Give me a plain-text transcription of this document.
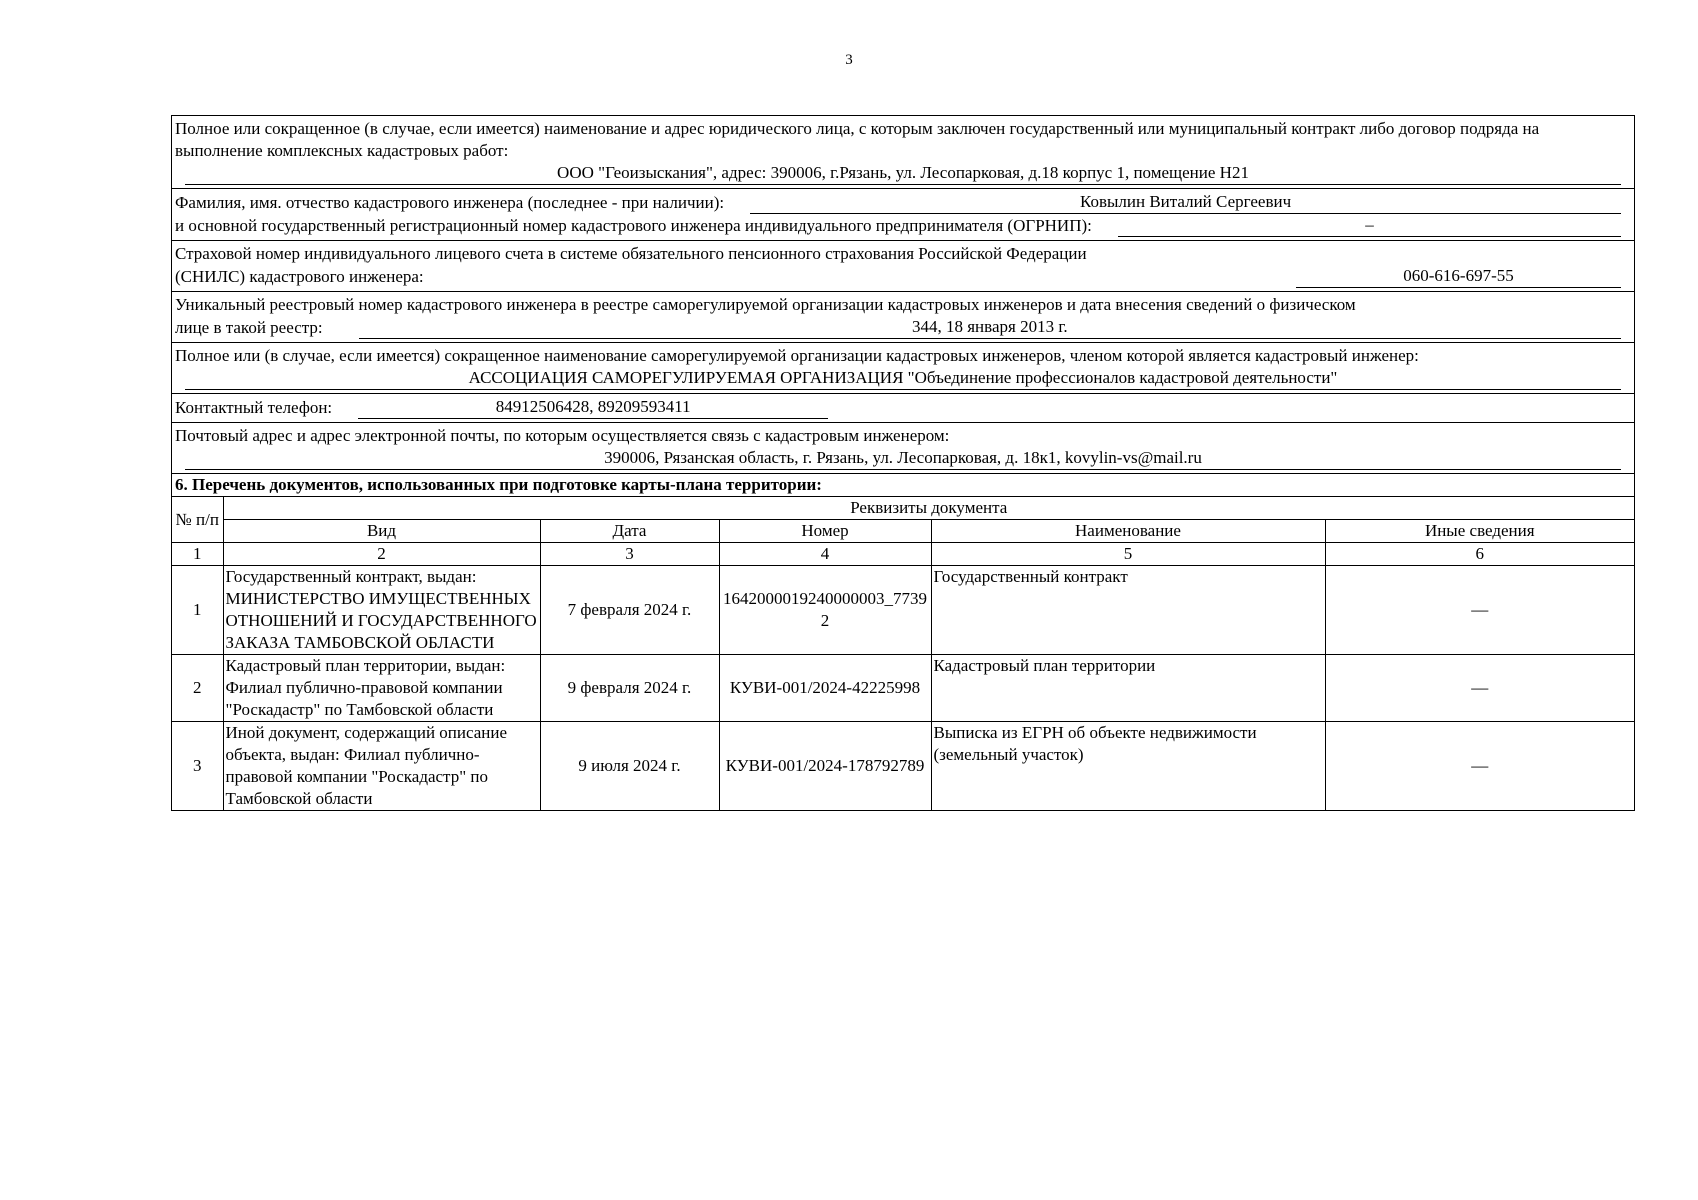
3
Полное или сокращенное (в случае, если имеется) наименование и адрес юридического лица, с которым заключен государственный или муниципальный контракт либо договор подряда на выполнение комплексных кадастровых работ:
ООО "Геоизыскания", адрес: 390006, г.Рязань, ул. Лесопарковая, д.18 корпус 1, помещение Н21
Фамилия, имя. отчество кадастрового инженера (последнее - при наличии):	Ковылин Виталий Сергеевич
и основной государственный регистрационный номер кадастрового инженера индивидуального предпринимателя (ОГРНИП):	–
Страховой номер индивидуального лицевого счета в системе обязательного пенсионного страхования Российской Федерации
(СНИЛС) кадастрового инженера:	060-616-697-55
Уникальный реестровый номер кадастрового инженера в реестре саморегулируемой организации кадастровых инженеров и дата внесения сведений о физическом
лице в такой реестр:	344, 18 января 2013 г.
Полное или (в случае, если имеется) сокращенное наименование саморегулируемой организации кадастровых инженеров, членом которой является кадастровый инженер:
АССОЦИАЦИЯ САМОРЕГУЛИРУЕМАЯ ОРГАНИЗАЦИЯ "Объединение профессионалов кадастровой деятельности"
Контактный телефон:	84912506428, 89209593411
Почтовый адрес и адрес электронной почты, по которым осуществляется связь с кадастровым инженером:
390006, Рязанская область, г. Рязань, ул. Лесопарковая, д. 18к1, kovylin-vs@mail.ru
6. Перечень документов, использованных при подготовке карты-плана территории:
№ п/п	Реквизиты документа				
	Вид	Дата	Номер	Наименование	Иные сведения
1	2	3	4	5	6
1	Государственный контракт, выдан: МИНИСТЕРСТВО ИМУЩЕСТВЕННЫХ ОТНОШЕНИЙ И ГОСУДАРСТВЕННОГО ЗАКАЗА ТАМБОВСКОЙ ОБЛАСТИ	7 февраля 2024 г.	1642000019240000003_77392	Государственный контракт	—
2	Кадастровый план территории, выдан: Филиал публично-правовой компании "Роскадастр" по Тамбовской области	9 февраля 2024 г.	КУВИ-001/2024-42225998	Кадастровый план территории	—
3	Иной документ, содержащий описание объекта, выдан: Филиал публично-правовой компании "Роскадастр" по Тамбовской области	9 июля 2024 г.	КУВИ-001/2024-178792789	Выписка из ЕГРН об объекте недвижимости (земельный участок)	—
